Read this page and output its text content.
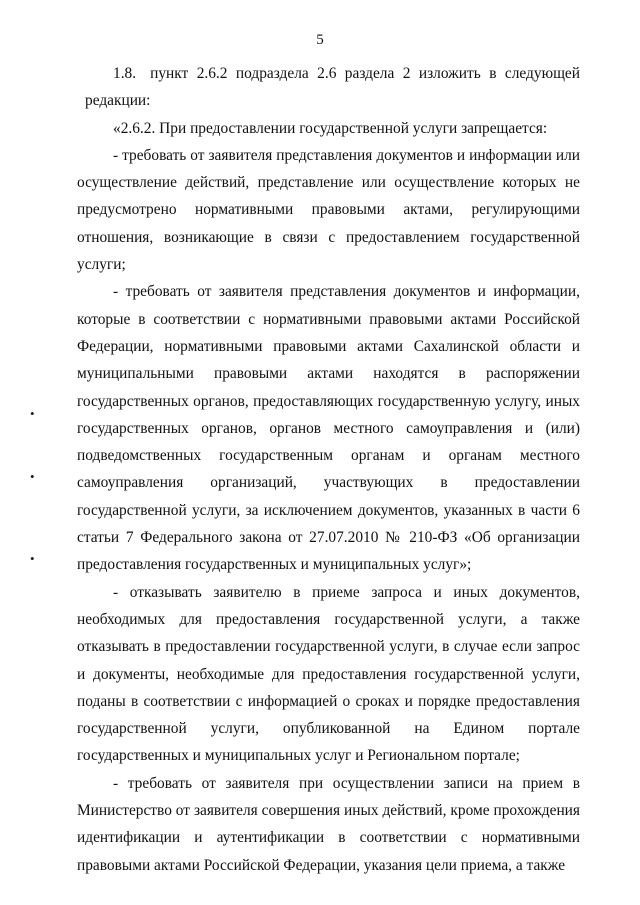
5
1.8. пункт 2.6.2 подраздела 2.6 раздела 2 изложить в следующей

редакции:

«2.6.2. При предоставлении государственной услуги запрещается:

- требовать от заявителя представления документов и информации или осуществление действий, представление или осуществление которых не предусмотрено нормативными правовыми актами, регулирующими отношения, возникающие в связи с предоставлением государственной услуги;

- требовать от заявителя представления документов и информации, которые в соответствии с нормативными правовыми актами Российской Федерации, нормативными правовыми актами Сахалинской области и муниципальными правовыми актами находятся в распоряжении государственных органов, предоставляющих государственную услугу, иных государственных органов, органов местного самоуправления и (или) подведомственных государственным органам и органам местного самоуправления организаций, участвующих в предоставлении государственной услуги, за исключением документов, указанных в части 6 статьи 7 Федерального закона от 27.07.2010 № 210-ФЗ «Об организации предоставления государственных и муниципальных услуг»;

- отказывать заявителю в приеме запроса и иных документов, необходимых для предоставления государственной услуги, а также отказывать в предоставлении государственной услуги, в случае если запрос и документы, необходимые для предоставления государственной услуги, поданы в соответствии с информацией о сроках и порядке предоставления государственной услуги, опубликованной на Едином портале государственных и муниципальных услуг и Региональном портале;

- требовать от заявителя при осуществлении записи на прием в Министерство от заявителя совершения иных действий, кроме прохождения идентификации и аутентификации в соответствии с нормативными правовыми актами Российской Федерации, указания цели приема, а также

•
•
•
